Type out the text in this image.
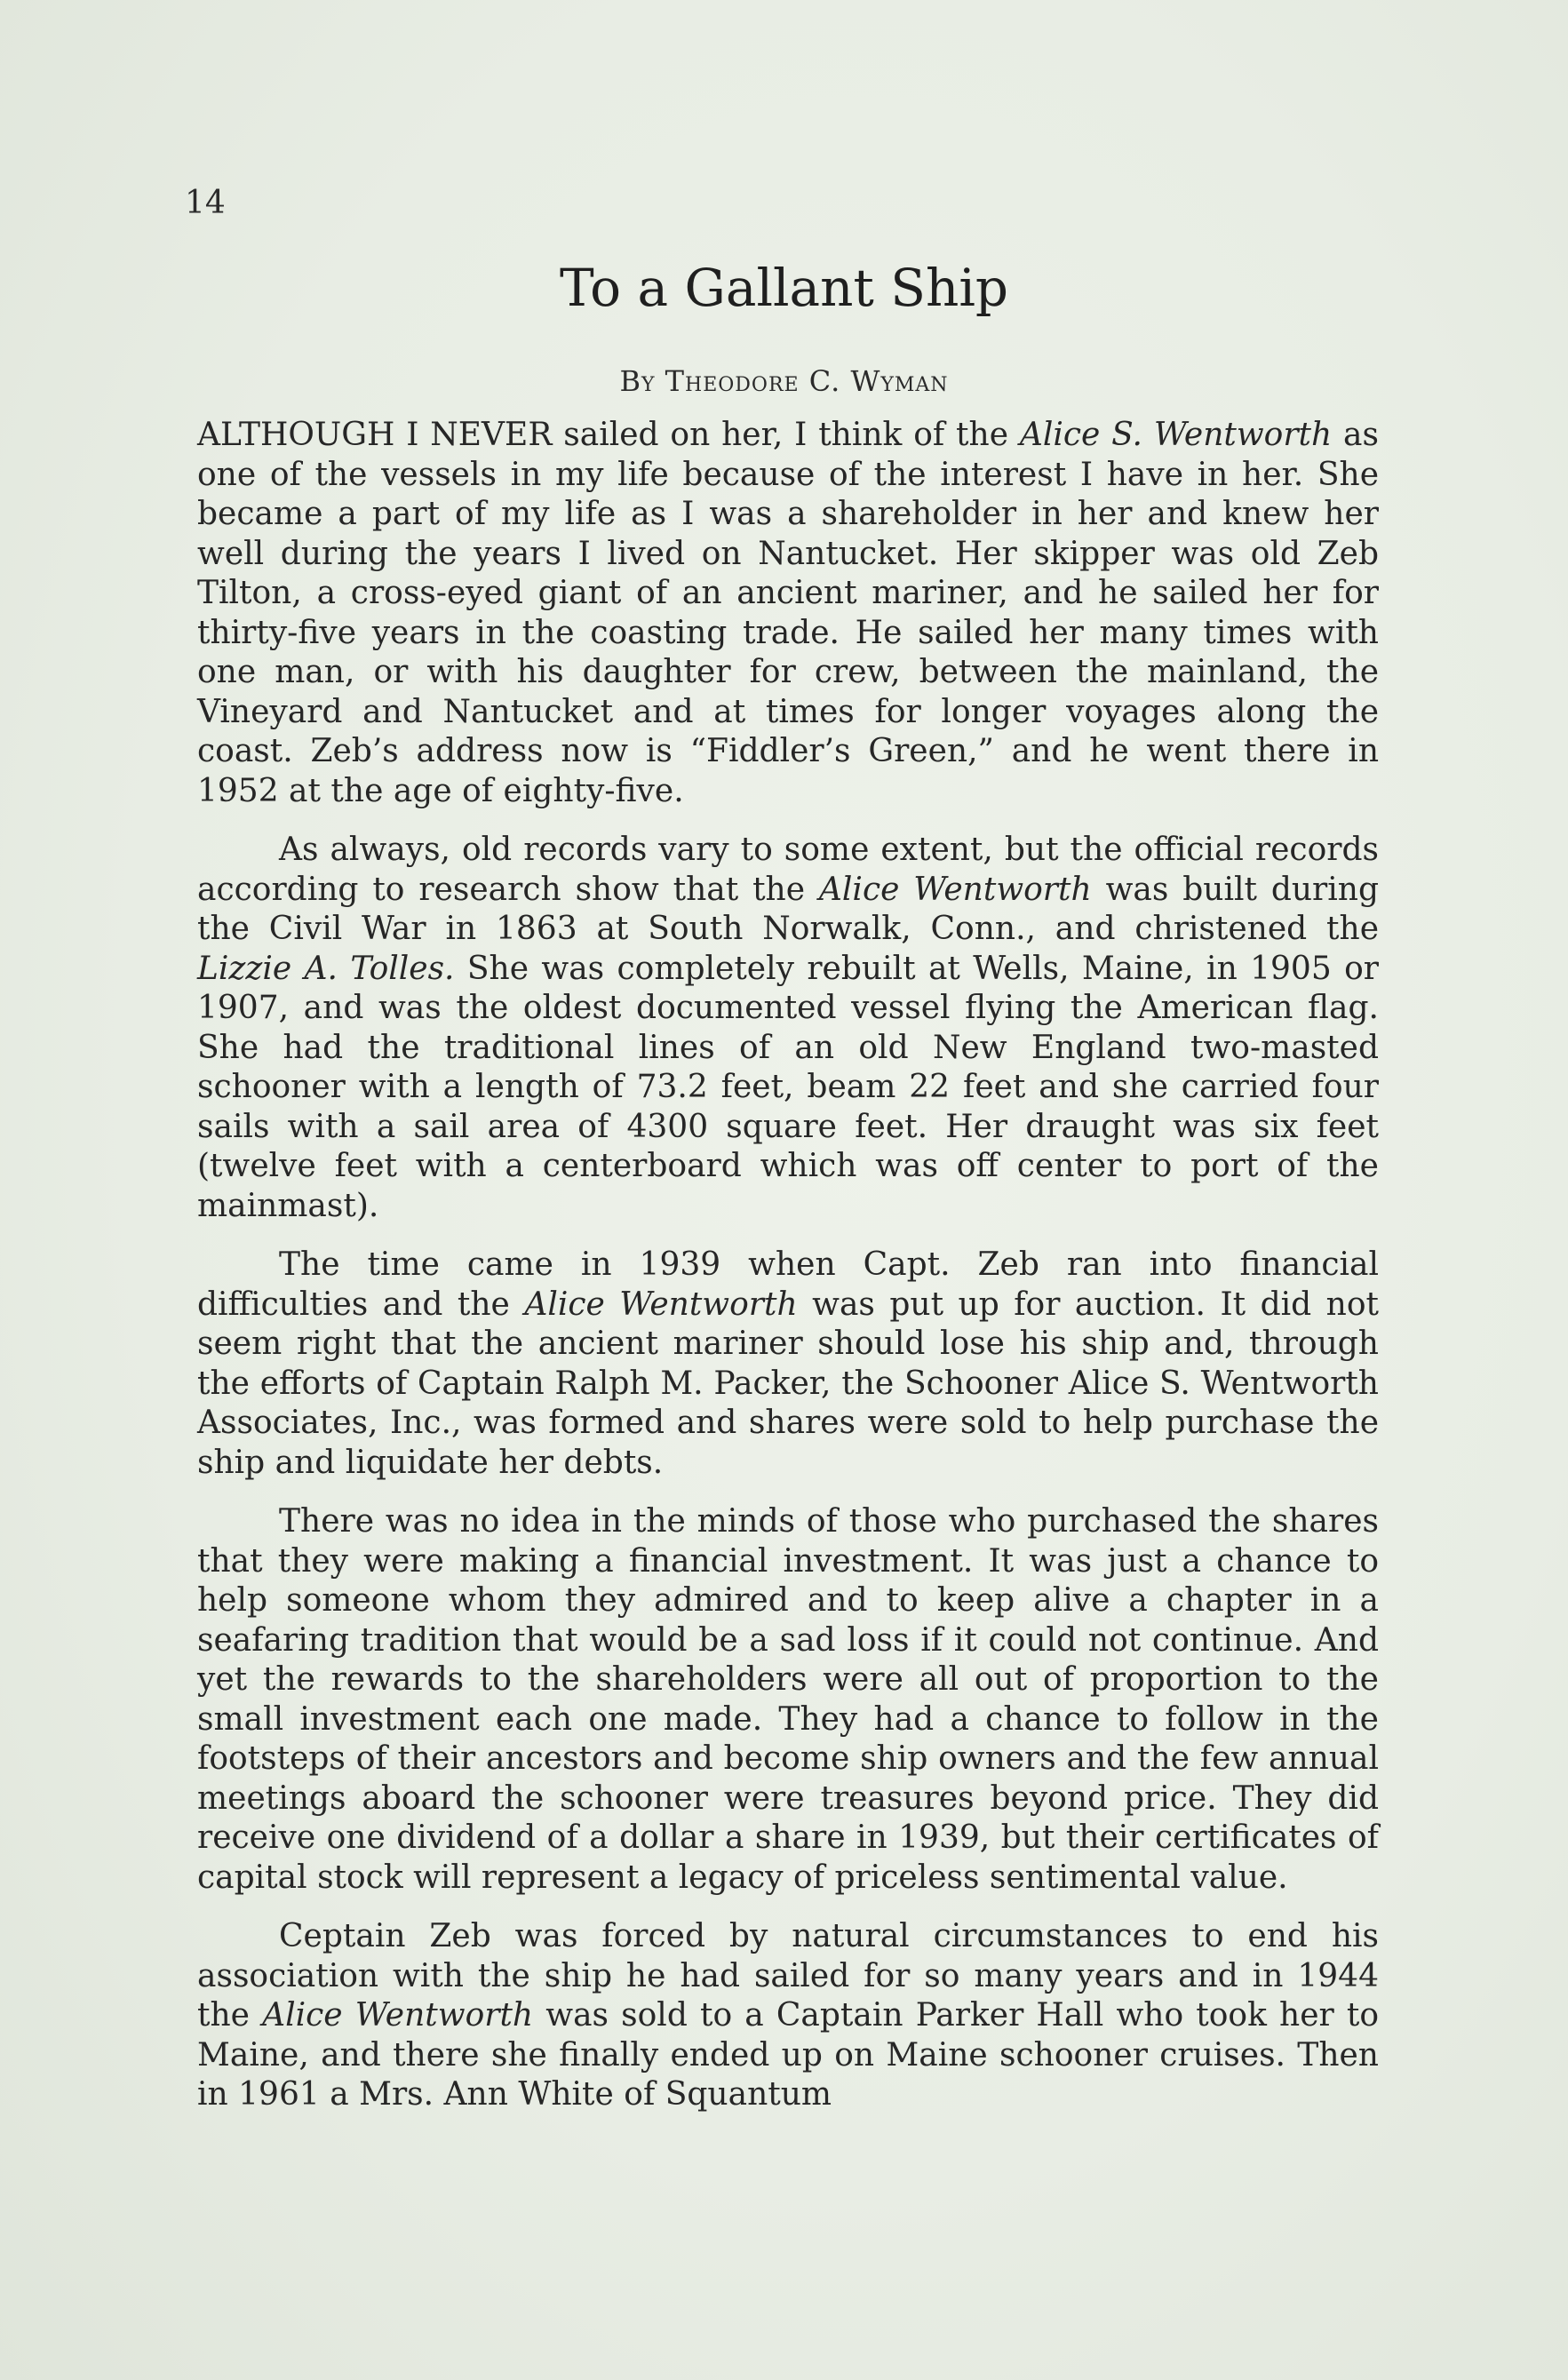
14
To a Gallant Ship
By Theodore C. Wyman

ALTHOUGH I NEVER sailed on her, I think of the Alice S. Wentworth as one of the vessels in my life because of the interest I have in her. She became a part of my life as I was a shareholder in her and knew her well during the years I lived on Nantucket. Her skipper was old Zeb Tilton, a cross-eyed giant of an ancient mariner, and he sailed her for thirty-five years in the coasting trade. He sailed her many times with one man, or with his daughter for crew, between the mainland, the Vineyard and Nantucket and at times for longer voyages along the coast. Zeb’s address now is “Fiddler’s Green,” and he went there in 1952 at the age of eighty-five.

As always, old records vary to some extent, but the official records according to research show that the Alice Wentworth was built during the Civil War in 1863 at South Norwalk, Conn., and christened the Lizzie A. Tolles. She was completely rebuilt at Wells, Maine, in 1905 or 1907, and was the oldest documented vessel flying the American flag. She had the traditional lines of an old New England two-masted schooner with a length of 73.2 feet, beam 22 feet and she carried four sails with a sail area of 4300 square feet. Her draught was six feet (twelve feet with a centerboard which was off center to port of the mainmast).

The time came in 1939 when Capt. Zeb ran into financial difficulties and the Alice Wentworth was put up for auction. It did not seem right that the ancient mariner should lose his ship and, through the efforts of Captain Ralph M. Packer, the Schooner Alice S. Wentworth Associates, Inc., was formed and shares were sold to help purchase the ship and liquidate her debts.

There was no idea in the minds of those who purchased the shares that they were making a financial investment. It was just a chance to help someone whom they admired and to keep alive a chapter in a seafaring tradition that would be a sad loss if it could not continue. And yet the rewards to the shareholders were all out of proportion to the small investment each one made. They had a chance to follow in the footsteps of their ancestors and become ship owners and the few annual meetings aboard the schooner were treasures beyond price. They did receive one dividend of a dollar a share in 1939, but their certificates of capital stock will represent a legacy of priceless sentimental value.

Ceptain Zeb was forced by natural circumstances to end his association with the ship he had sailed for so many years and in 1944 the Alice Wentworth was sold to a Captain Parker Hall who took her to Maine, and there she finally ended up on Maine schooner cruises. Then in 1961 a Mrs. Ann White of Squantum
